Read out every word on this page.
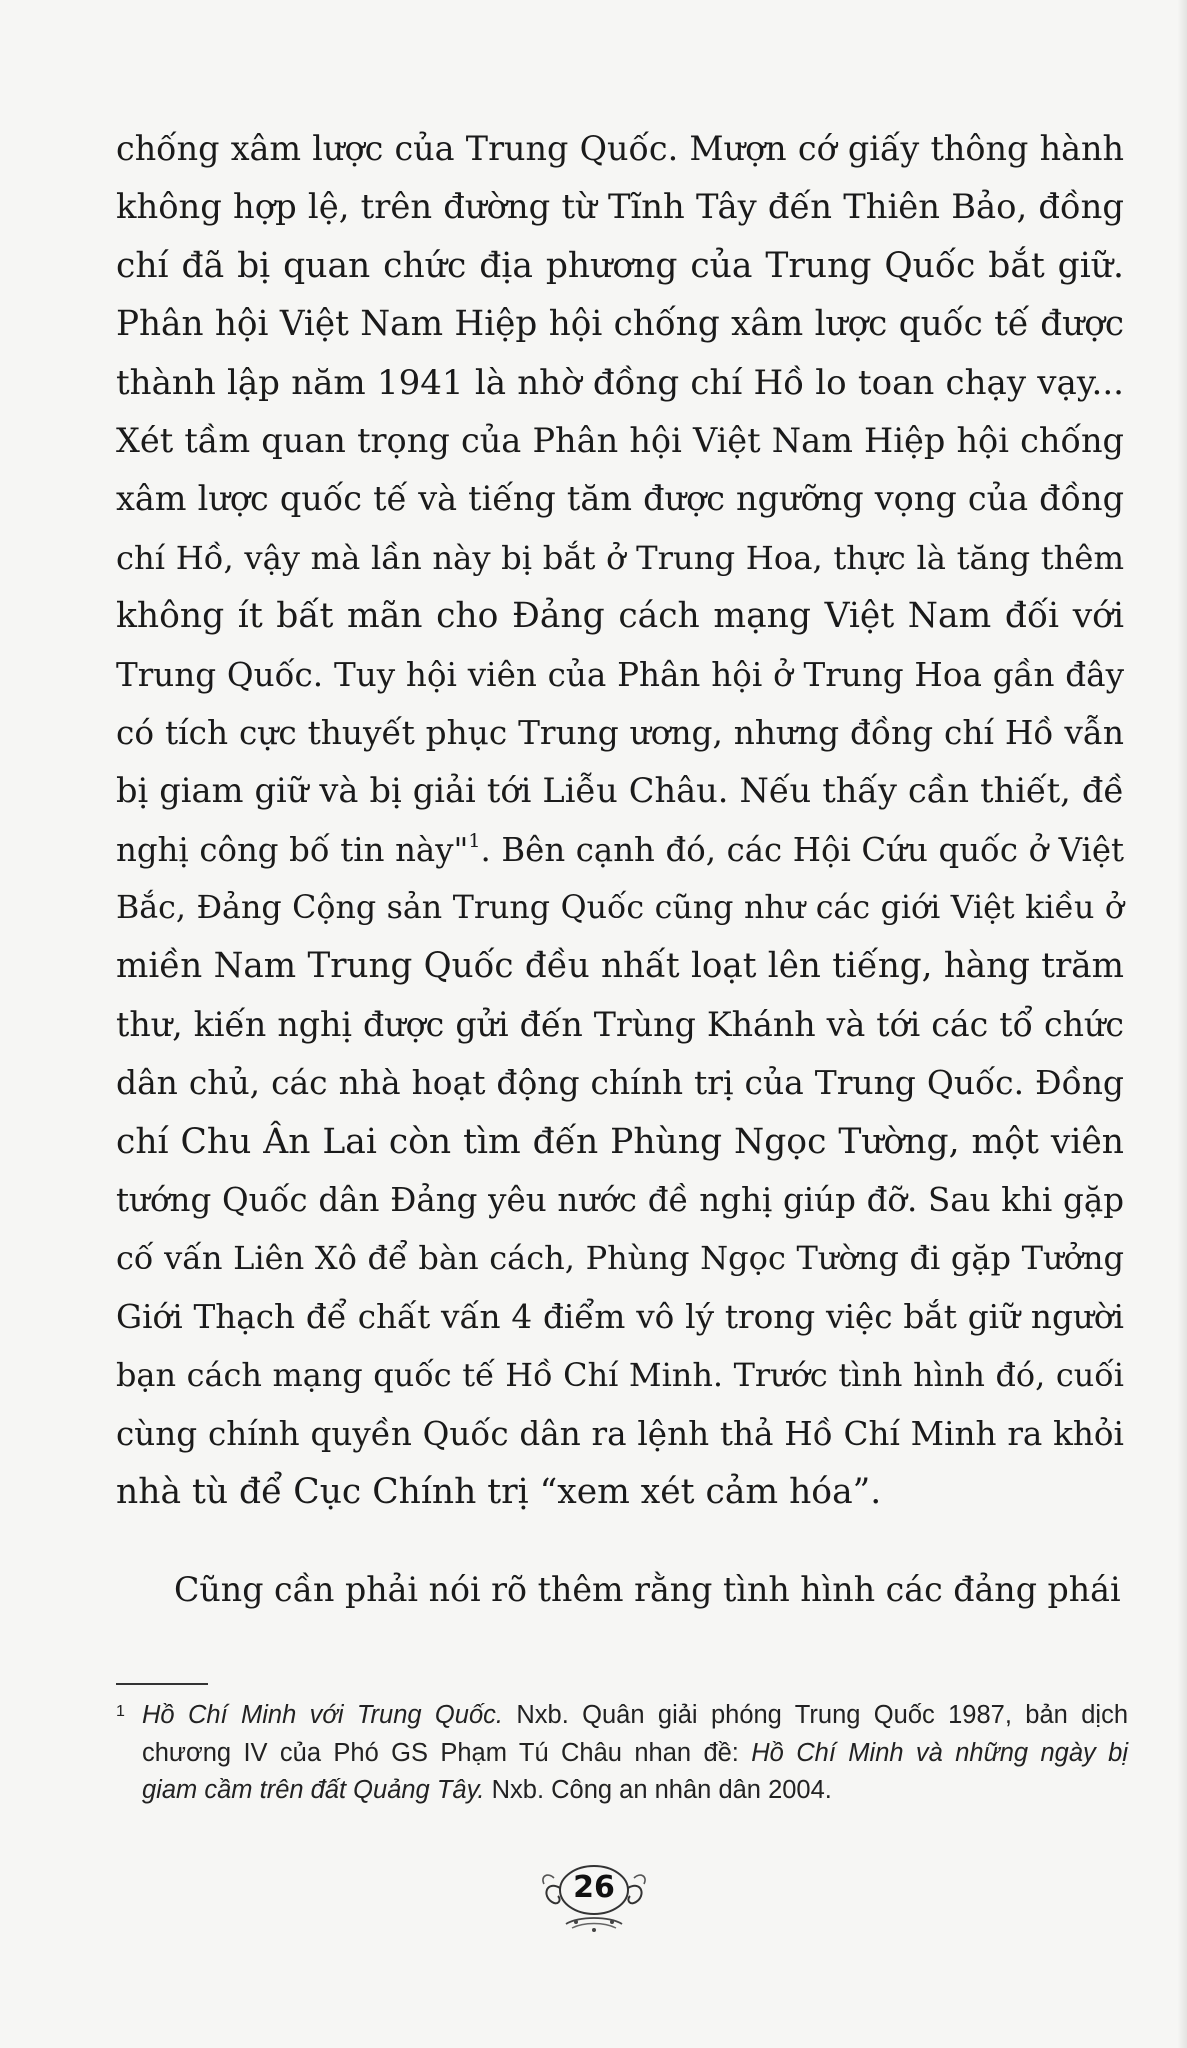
chống xâm lược của Trung Quốc. Mượn cớ giấy thông hành
không hợp lệ, trên đường từ Tĩnh Tây đến Thiên Bảo, đồng
chí đã bị quan chức địa phương của Trung Quốc bắt giữ.
Phân hội Việt Nam Hiệp hội chống xâm lược quốc tế được
thành lập năm 1941 là nhờ đồng chí Hồ lo toan chạy vạy...
Xét tầm quan trọng của Phân hội Việt Nam Hiệp hội chống
xâm lược quốc tế và tiếng tăm được ngưỡng vọng của đồng
chí Hồ, vậy mà lần này bị bắt ở Trung Hoa, thực là tăng thêm
không ít bất mãn cho Đảng cách mạng Việt Nam đối với
Trung Quốc. Tuy hội viên của Phân hội ở Trung Hoa gần đây
có tích cực thuyết phục Trung ương, nhưng đồng chí Hồ vẫn
bị giam giữ và bị giải tới Liễu Châu. Nếu thấy cần thiết, đề
nghị công bố tin này"$^1$. Bên cạnh đó, các Hội Cứu quốc ở Việt
Bắc, Đảng Cộng sản Trung Quốc cũng như các giới Việt kiều ở
miền Nam Trung Quốc đều nhất loạt lên tiếng, hàng trăm
thư, kiến nghị được gửi đến Trùng Khánh và tới các tổ chức
dân chủ, các nhà hoạt động chính trị của Trung Quốc. Đồng
chí Chu Ân Lai còn tìm đến Phùng Ngọc Tường, một viên
tướng Quốc dân Đảng yêu nước đề nghị giúp đỡ. Sau khi gặp
cố vấn Liên Xô để bàn cách, Phùng Ngọc Tường đi gặp Tưởng
Giới Thạch để chất vấn 4 điểm vô lý trong việc bắt giữ người
bạn cách mạng quốc tế Hồ Chí Minh. Trước tình hình đó, cuối
cùng chính quyền Quốc dân ra lệnh thả Hồ Chí Minh ra khỏi
nhà tù để Cục Chính trị “xem xét cảm hóa”.
Cũng cần phải nói rõ thêm rằng tình hình các đảng phái
1 Hồ Chí Minh với Trung Quốc. Nxb. Quân giải phóng Trung Quốc 1987, bản dịch
chương IV của Phó GS Phạm Tú Châu nhan đề: Hồ Chí Minh và những ngày bị
giam cầm trên đất Quảng Tây. Nxb. Công an nhân dân 2004.
26
